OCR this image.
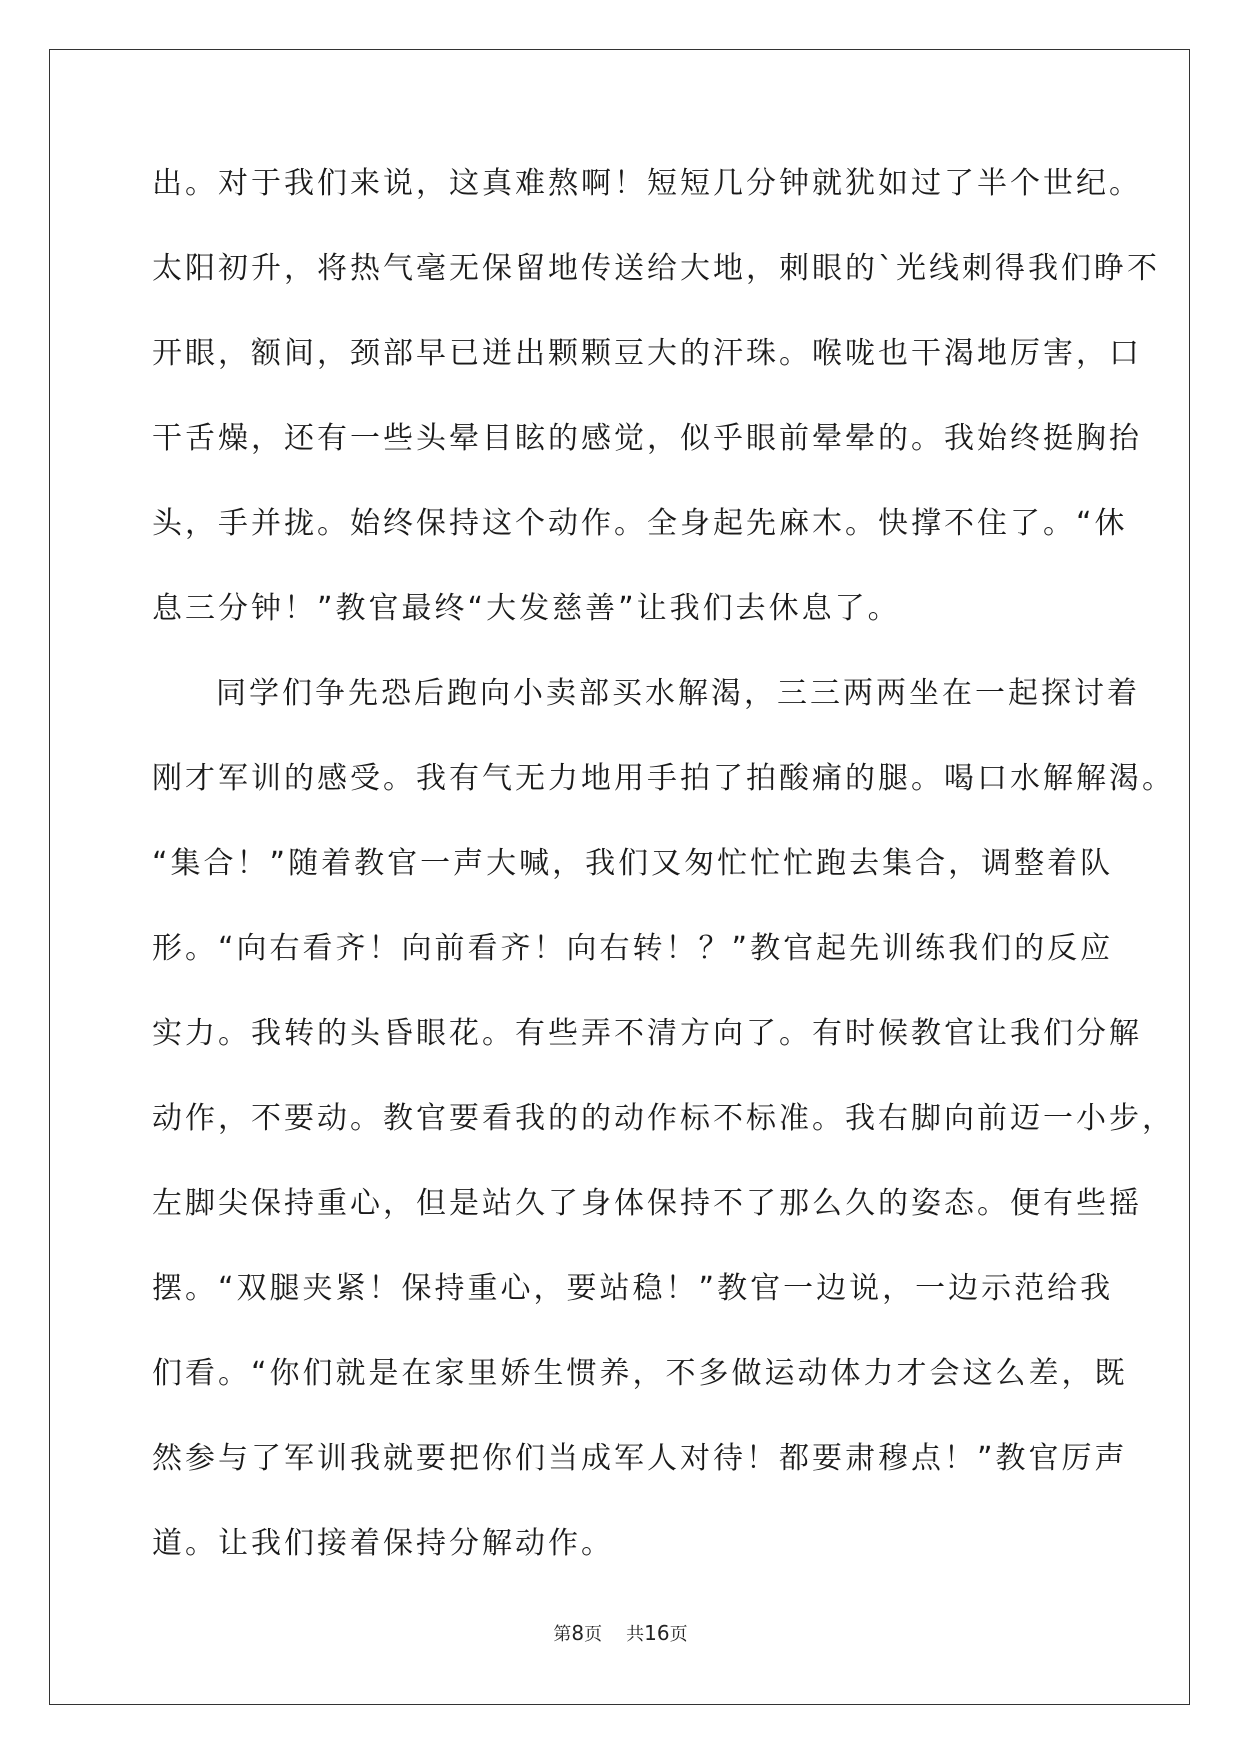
出。对于我们来说，这真难熬啊！短短几分钟就犹如过了半个世纪。
太阳初升，将热气毫无保留地传送给大地，刺眼的`光线刺得我们睁不
开眼，额间，颈部早已迸出颗颗豆大的汗珠。喉咙也干渴地厉害，口
干舌燥，还有一些头晕目眩的感觉，似乎眼前晕晕的。我始终挺胸抬
头，手并拢。始终保持这个动作。全身起先麻木。快撑不住了。“休
息三分钟！”教官最终“大发慈善”让我们去休息了。
同学们争先恐后跑向小卖部买水解渴，三三两两坐在一起探讨着
刚才军训的感受。我有气无力地用手拍了拍酸痛的腿。喝口水解解渴。
“集合！”随着教官一声大喊，我们又匆忙忙忙跑去集合，调整着队
形。“向右看齐！向前看齐！向右转！？”教官起先训练我们的反应
实力。我转的头昏眼花。有些弄不清方向了。有时候教官让我们分解
动作，不要动。教官要看我的的动作标不标准。我右脚向前迈一小步，
左脚尖保持重心，但是站久了身体保持不了那么久的姿态。便有些摇
摆。“双腿夹紧！保持重心，要站稳！”教官一边说，一边示范给我
们看。“你们就是在家里娇生惯养，不多做运动体力才会这么差，既
然参与了军训我就要把你们当成军人对待！都要肃穆点！”教官厉声
道。让我们接着保持分解动作。
第8页 共16页
